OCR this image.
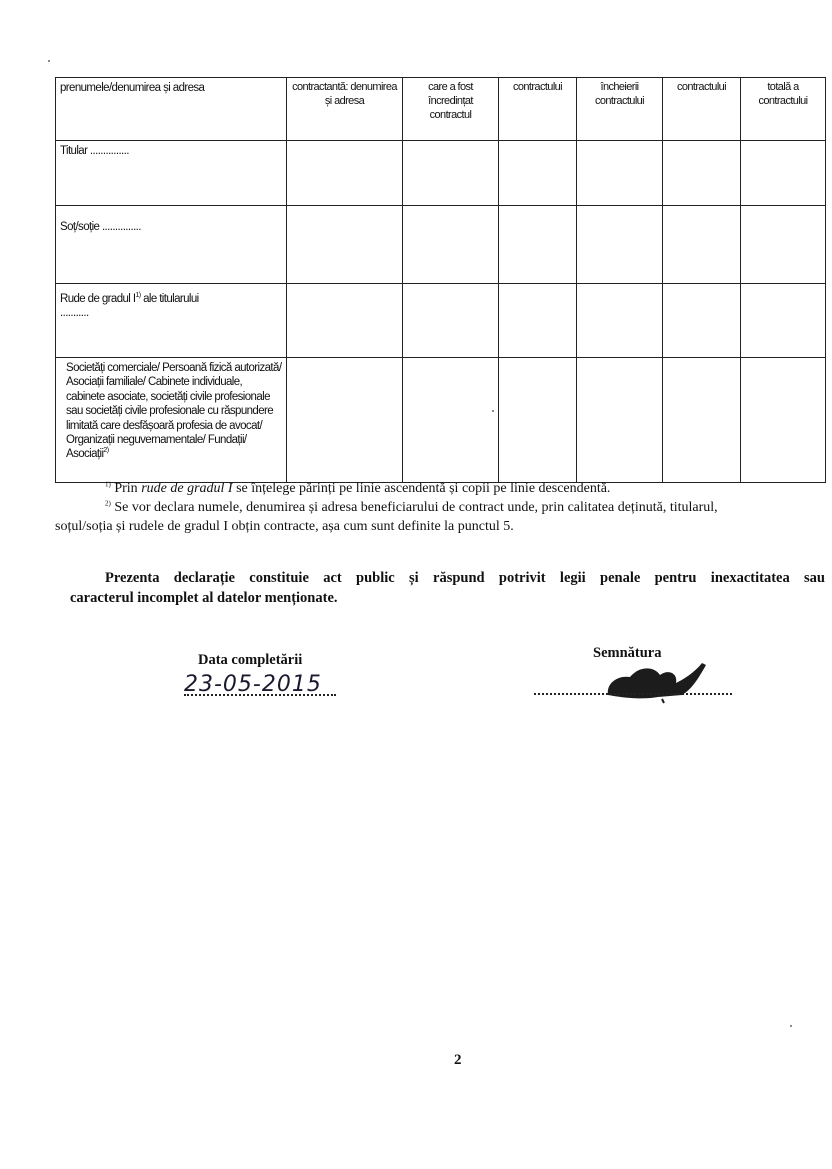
prenumele/denumirea și adresa	contractantă: denumirea și adresa	care a fost încredințat contractul	contractului	încheierii contractului	contractului	totală a contractului
Titular ...............						
Soț/soție ...............						
Rude de gradul $I^{1)}$ ale titularului
...........						
Societăți comerciale/ Persoană fizică autorizată/ Asociații familiale/ Cabinete individuale, cabinete asociate, societăți civile profesionale sau societăți civile profesionale cu răspundere limitată care desfășoară profesia de avocat/ Organizații neguvernamentale/ Fundații/ Asociații$^{2)}$						

$^{1)}$ Prin rude de gradul I se înțelege părinți pe linie ascendentă și copii pe linie descendentă.

$^{2)}$ Se vor declara numele, denumirea și adresa beneficiarului de contract unde, prin calitatea deținută, titularul,

soțul/soția și rudele de gradul I obțin contracte, așa cum sunt definite la punctul 5.

Prezenta declarație constituie act public și răspund potrivit legii penale pentru inexactitatea sau
caracterul incomplet al datelor menționate.
Data completării
23-05-2015
Semnătura
2
